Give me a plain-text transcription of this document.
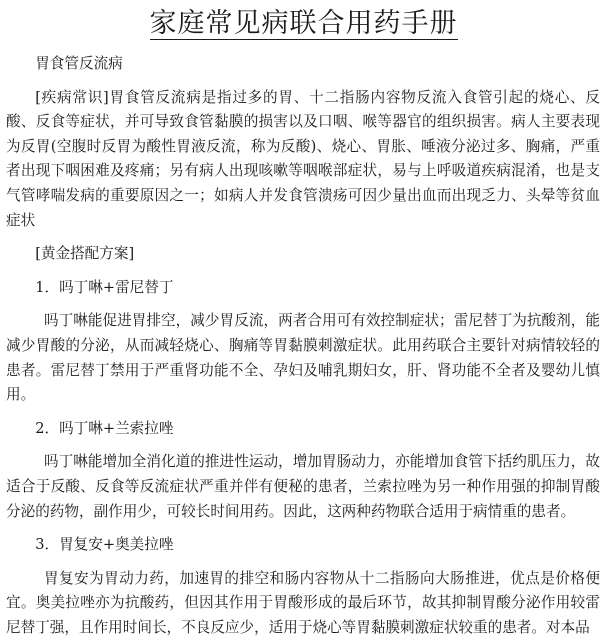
家庭常见病联合用药手册

胃食管反流病

[疾病常识]胃食管反流病是指过多的胃、十二指肠内容物反流入食管引起的烧心、反酸、反食等症状，并可导致食管黏膜的损害以及口咽、喉等器官的组织损害。病人主要表现为反胃(空腹时反胃为酸性胃液反流，称为反酸)、烧心、胃胀、唾液分泌过多、胸痛，严重者出现下咽困难及疼痛；另有病人出现咳嗽等咽喉部症状，易与上呼吸道疾病混淆，也是支气管哮喘发病的重要原因之一；如病人并发食管溃疡可因少量出血而出现乏力、头晕等贫血症状

[黄金搭配方案]

1．吗丁啉+雷尼替丁

吗丁啉能促进胃排空，减少胃反流，两者合用可有效控制症状；雷尼替丁为抗酸剂，能减少胃酸的分泌，从而减轻烧心、胸痛等胃黏膜刺激症状。此用药联合主要针对病情较轻的患者。雷尼替丁禁用于严重肾功能不全、孕妇及哺乳期妇女，肝、肾功能不全者及婴幼儿慎用。

2．吗丁啉+兰索拉唑

吗丁啉能增加全消化道的推进性运动，增加胃肠动力，亦能增加食管下括约肌压力，故适合于反酸、反食等反流症状严重并伴有便秘的患者，兰索拉唑为另一种作用强的抑制胃酸分泌的药物，副作用少，可较长时间用药。因此，这两种药物联合适用于病情重的患者。

3．胃复安+奥美拉唑

胃复安为胃动力药，加速胃的排空和肠内容物从十二指肠向大肠推进，优点是价格便宜。奥美拉唑亦为抗酸药，但因其作用于胃酸形成的最后环节，故其抑制胃酸分泌作用较雷尼替丁强，且作用时间长，不良反应少，适用于烧心等胃黏膜刺激症状较重的患者。对本品
